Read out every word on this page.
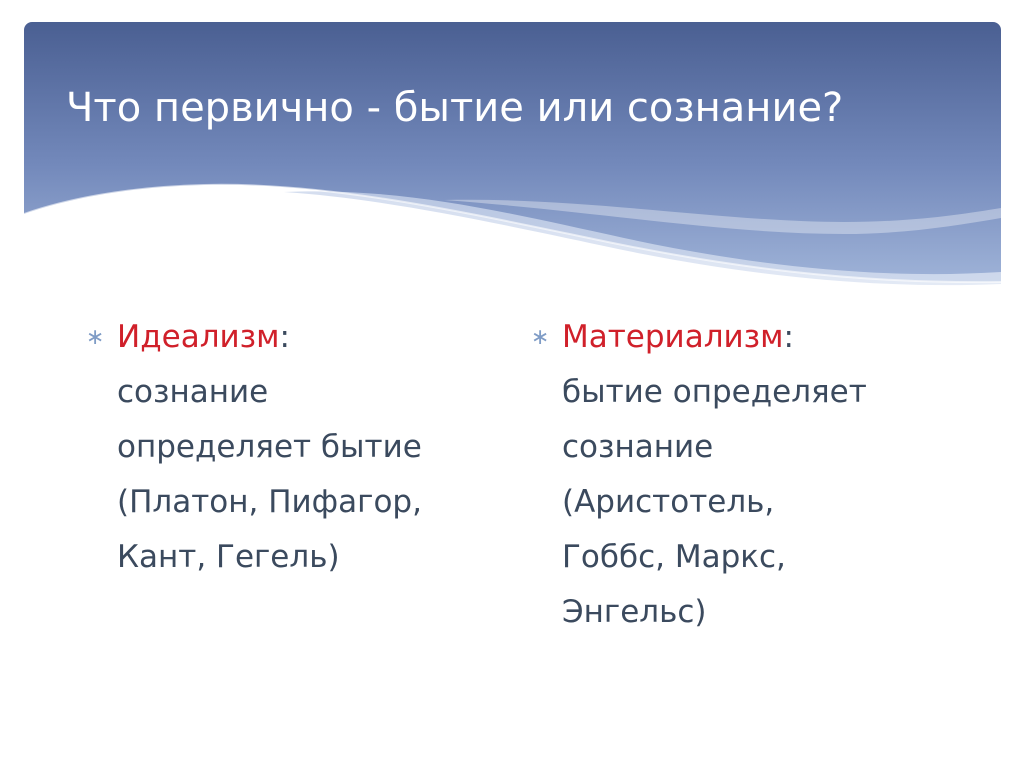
Что первично - бытие или сознание?
∗ Идеализм:
сознание
определяет бытие
(Платон, Пифагор,
Кант, Гегель)
∗ Материализм:
бытие определяет
сознание
(Аристотель,
Гоббс, Маркс,
Энгельс)
